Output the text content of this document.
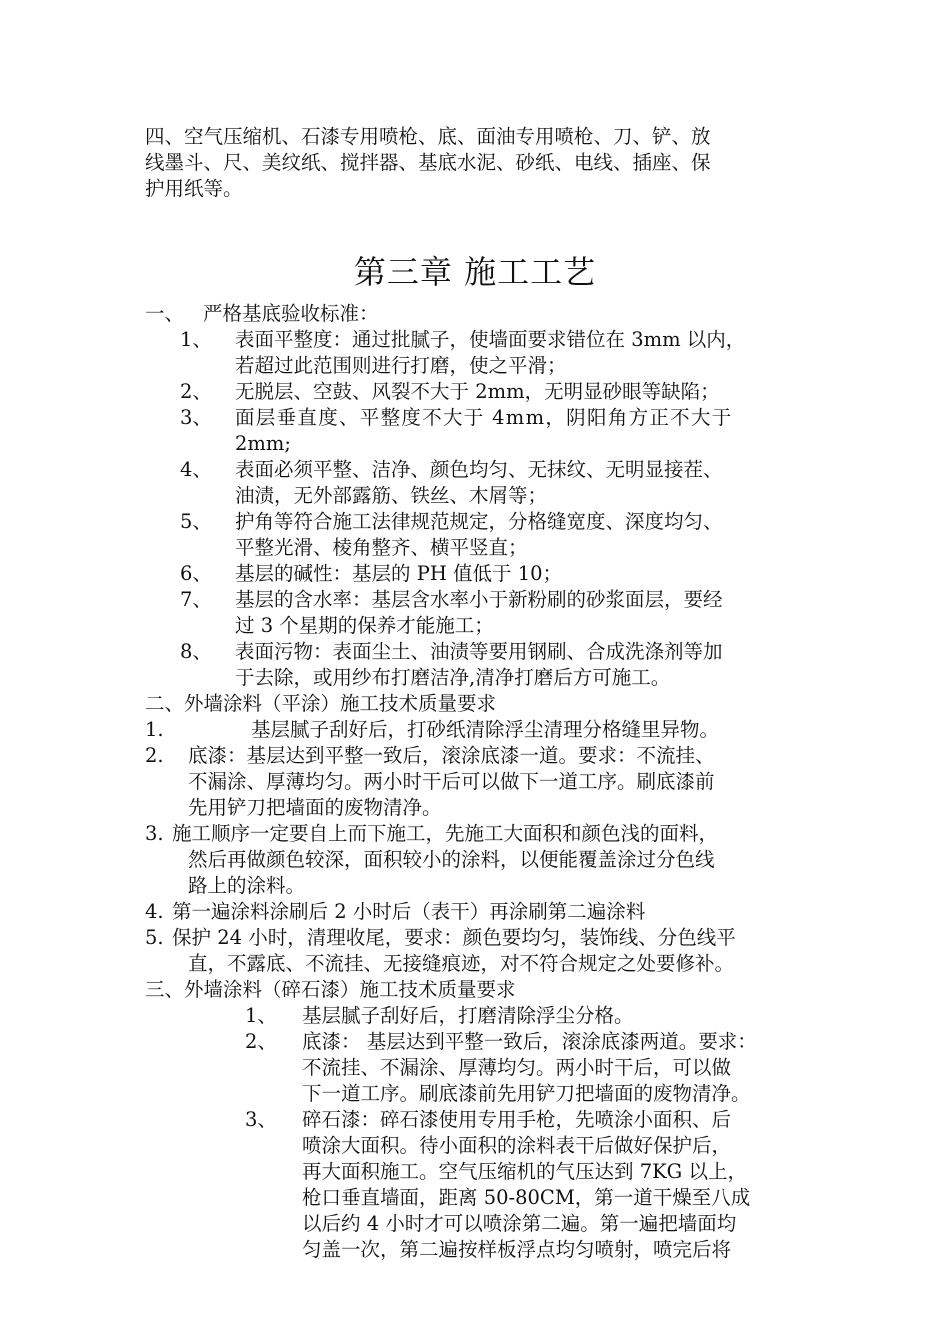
四、空气压缩机、石漆专用喷枪、底、面油专用喷枪、刀、铲、放
线墨斗、尺、美纹纸、搅拌器、基底水泥、砂纸、电线、插座、保
护用纸等。
第三章 施工工艺
一、 严格基底验收标准：
1、 表面平整度：通过批腻子，使墙面要求错位在 3mm 以内，
若超过此范围则进行打磨，使之平滑；
2、 无脱层、空鼓、风裂不大于 2mm，无明显砂眼等缺陷；
3、 面层垂直度、平整度不大于 4mm，阴阳角方正不大于
2mm;
4、 表面必须平整、洁净、颜色均匀、无抹纹、无明显接茬、
油渍，无外部露筋、铁丝、木屑等；
5、 护角等符合施工法律规范规定，分格缝宽度、深度均匀、
平整光滑、棱角整齐、横平竖直；
6、 基层的碱性：基层的 PH 值低于 10；
7、 基层的含水率：基层含水率小于新粉刷的砂浆面层，要经
过 3 个星期的保养才能施工；
8、 表面污物：表面尘土、油渍等要用钢刷、合成洗涤剂等加
于去除，或用纱布打磨洁净,清净打磨后方可施工。
二、外墙涂料（平涂）施工技术质量要求
1.	基层腻子刮好后，打砂纸清除浮尘清理分格缝里异物。
2. 底漆：基层达到平整一致后，滚涂底漆一道。要求：不流挂、
不漏涂、厚薄均匀。两小时干后可以做下一道工序。刷底漆前
先用铲刀把墙面的废物清净。
3. 施工顺序一定要自上而下施工，先施工大面积和颜色浅的面料，
然后再做颜色较深，面积较小的涂料，以便能覆盖涂过分色线
路上的涂料。
4. 第一遍涂料涂刷后 2 小时后（表干）再涂刷第二遍涂料
5. 保护 24 小时，清理收尾，要求：颜色要均匀，装饰线、分色线平
直，不露底、不流挂、无接缝痕迹，对不符合规定之处要修补。
三、外墙涂料（碎石漆）施工技术质量要求
1、 基层腻子刮好后，打磨清除浮尘分格。
2、 底漆： 基层达到平整一致后，滚涂底漆两道。要求：
不流挂、不漏涂、厚薄均匀。两小时干后，可以做
下一道工序。刷底漆前先用铲刀把墙面的废物清净。
3、 碎石漆：碎石漆使用专用手枪，先喷涂小面积、后
喷涂大面积。待小面积的涂料表干后做好保护后，
再大面积施工。空气压缩机的气压达到 7KG 以上，
枪口垂直墙面，距离 50-80CM，第一道干燥至八成
以后约 4 小时才可以喷涂第二遍。第一遍把墙面均
匀盖一次，第二遍按样板浮点均匀喷射，喷完后将
